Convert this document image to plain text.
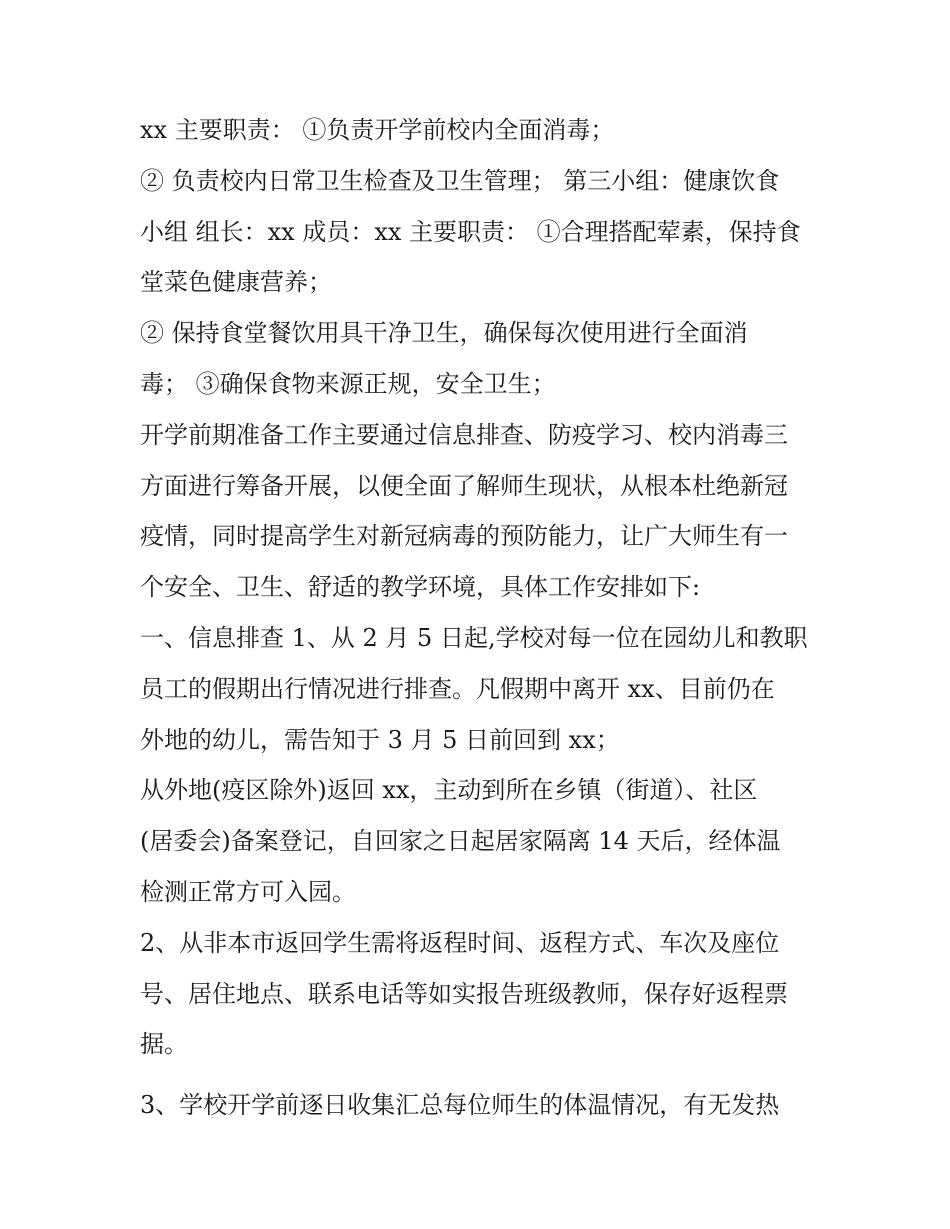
xx 主要职责： ①负责开学前校内全面消毒；
② 负责校内日常卫生检查及卫生管理； 第三小组：健康饮食
小组 组长：xx 成员：xx 主要职责： ①合理搭配荤素，保持食
堂菜色健康营养；
② 保持食堂餐饮用具干净卫生，确保每次使用进行全面消
毒； ③确保食物来源正规，安全卫生；
开学前期准备工作主要通过信息排查、防疫学习、校内消毒三
方面进行筹备开展，以便全面了解师生现状，从根本杜绝新冠
疫情，同时提高学生对新冠病毒的预防能力，让广大师生有一
个安全、卫生、舒适的教学环境，具体工作安排如下:
一、信息排查 1、从 2 月 5 日起,学校对每一位在园幼儿和教职
员工的假期出行情况进行排查。凡假期中离开 xx、目前仍在
外地的幼儿，需告知于 3 月 5 日前回到 xx；
从外地(疫区除外)返回 xx，主动到所在乡镇（街道）、社区
(居委会)备案登记，自回家之日起居家隔离 14 天后，经体温
检测正常方可入园。
2、从非本市返回学生需将返程时间、返程方式、车次及座位
号、居住地点、联系电话等如实报告班级教师，保存好返程票
据。
3、学校开学前逐日收集汇总每位师生的体温情况，有无发热
